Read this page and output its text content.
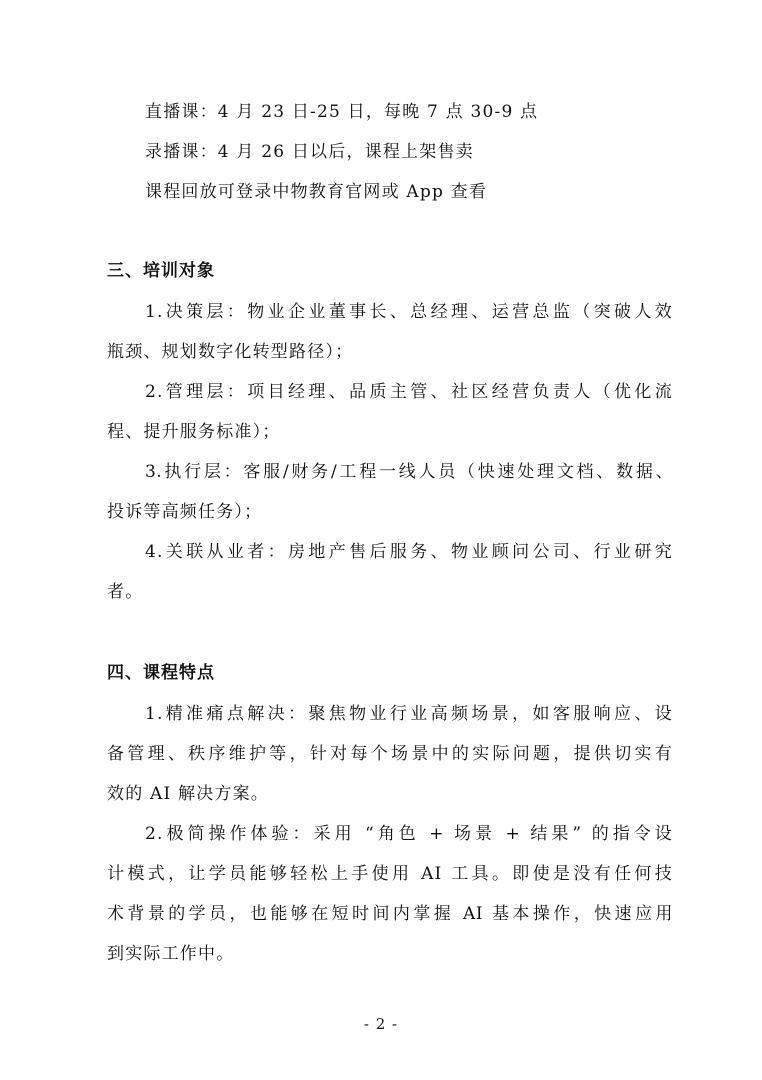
直播课：4 月 23 日-25 日，每晚 7 点 30-9 点
录播课：4 月 26 日以后，课程上架售卖
课程回放可登录中物教育官网或 App 查看
三、培训对象
1.决策层：物业企业董事长、总经理、运营总监（突破人效
瓶颈、规划数字化转型路径）；
2.管理层：项目经理、品质主管、社区经营负责人（优化流
程、提升服务标准）；
3.执行层：客服/财务/工程一线人员（快速处理文档、数据、
投诉等高频任务）；
4.关联从业者：房地产售后服务、物业顾问公司、行业研究
者。
四、课程特点
1.精准痛点解决：聚焦物业行业高频场景，如客服响应、设
备管理、秩序维护等，针对每个场景中的实际问题，提供切实有
效的 AI 解决方案。
2.极简操作体验：采用 “角色 + 场景 + 结果” 的指令设
计模式，让学员能够轻松上手使用 AI 工具。即使是没有任何技
术背景的学员，也能够在短时间内掌握 AI 基本操作，快速应用
到实际工作中。
- 2 -
